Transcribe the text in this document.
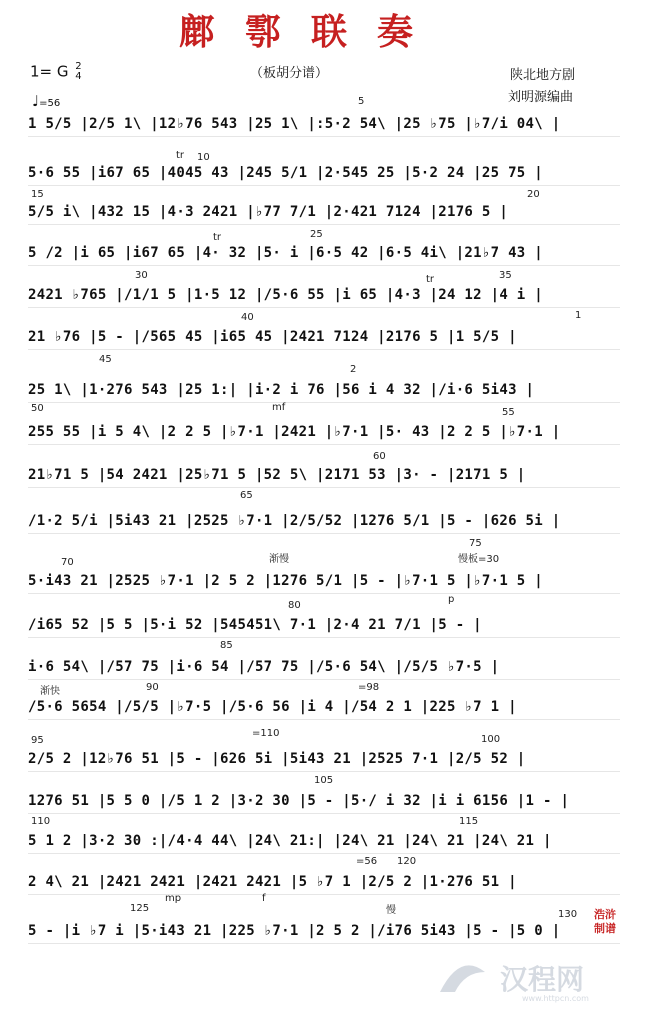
鄜鄠联奏
1= G 2
4	（板胡分谱）	陕北地方剧
刘明源编曲
♩=56
1 5/5 |2/5 1\ |12♭76 543 |25 1\ |:5·2 54\ |25 ♭75 |♭7/i 04\ |
5·6 55 |i67 65 |4045 43 |245 5/1 |2·545 25 |5·2 24 |25 75 |
5/5 i\ |432 15 |4·3 2421 |♭77 7/1 |2·421 7124 |2176 5 |
5 /2 |i 65 |i67 65 |4· 32 |5· i |6·5 42 |6·5 4i\ |21♭7 43 |
2421 ♭765 |/1/1 5 |1·5 12 |/5·6 55 |i 65 |4·3 |24 12 |4 i |
21 ♭76 |5 - |/565 45 |i65 45 |2421 7124 |2176 5 |1 5/5 |
25 1\ |1·276 543 |25 1:| |i·2 i 76 |56 i 4 32 |/i·6 5i43 |
255 55 |i 5 4\ |2 2 5 |♭7·1 |2421 |♭7·1 |5· 43 |2 2 5 |♭7·1 |
21♭71 5 |54 2421 |25♭71 5 |52 5\ |2171 53 |3· - |2171 5 |
/1·2 5/i |5i43 21 |2525 ♭7·1 |2/5/52 |1276 5/1 |5 - |626 5i |
5·i43 21 |2525 ♭7·1 |2 5 2 |1276 5/1 |5 - |♭7·1 5 |♭7·1 5 |
/i65 52 |5 5 |5·i 52 |545451\ 7·1 |2·4 21 7/1 |5 - |
i·6 54\ |/57 75 |i·6 54 |/57 75 |/5·6 54\ |/5/5 ♭7·5 |
/5·6 5654 |/5/5 |♭7·5 |/5·6 56 |i 4 |/54 2 1 |225 ♭7 1 |
2/5 2 |12♭76 51 |5 - |626 5i |5i43 21 |2525 7·1 |2/5 52 |
1276 51 |5 5 0 |/5 1 2 |3·2 30 |5 - |5·/ i 32 |i i 6156 |1 - |
5 1 2 |3·2 30 :|/4·4 44\ |24\ 21:| |24\ 21 |24\ 21 |24\ 21 |
2 4\ 21 |2421 2421 |2421 2421 |5 ♭7 1 |2/5 2 |1·276 51 |
5 - |i ♭7 i |5·i43 21 |225 ♭7·1 |2 5 2 |/i76 5i43 |5 - |5 0 |
5
10
tr
15	20
25
tr
30	35
tr
40	1
45
2
mf
50	55
60
65
70	渐慢
75
慢板=30
p
80
85
渐快	90	=98
95
=110
100
105
110	115
=56 120
mp	f
125	慢	130 浩浒制谱
汉程网
www.httpcn.com
